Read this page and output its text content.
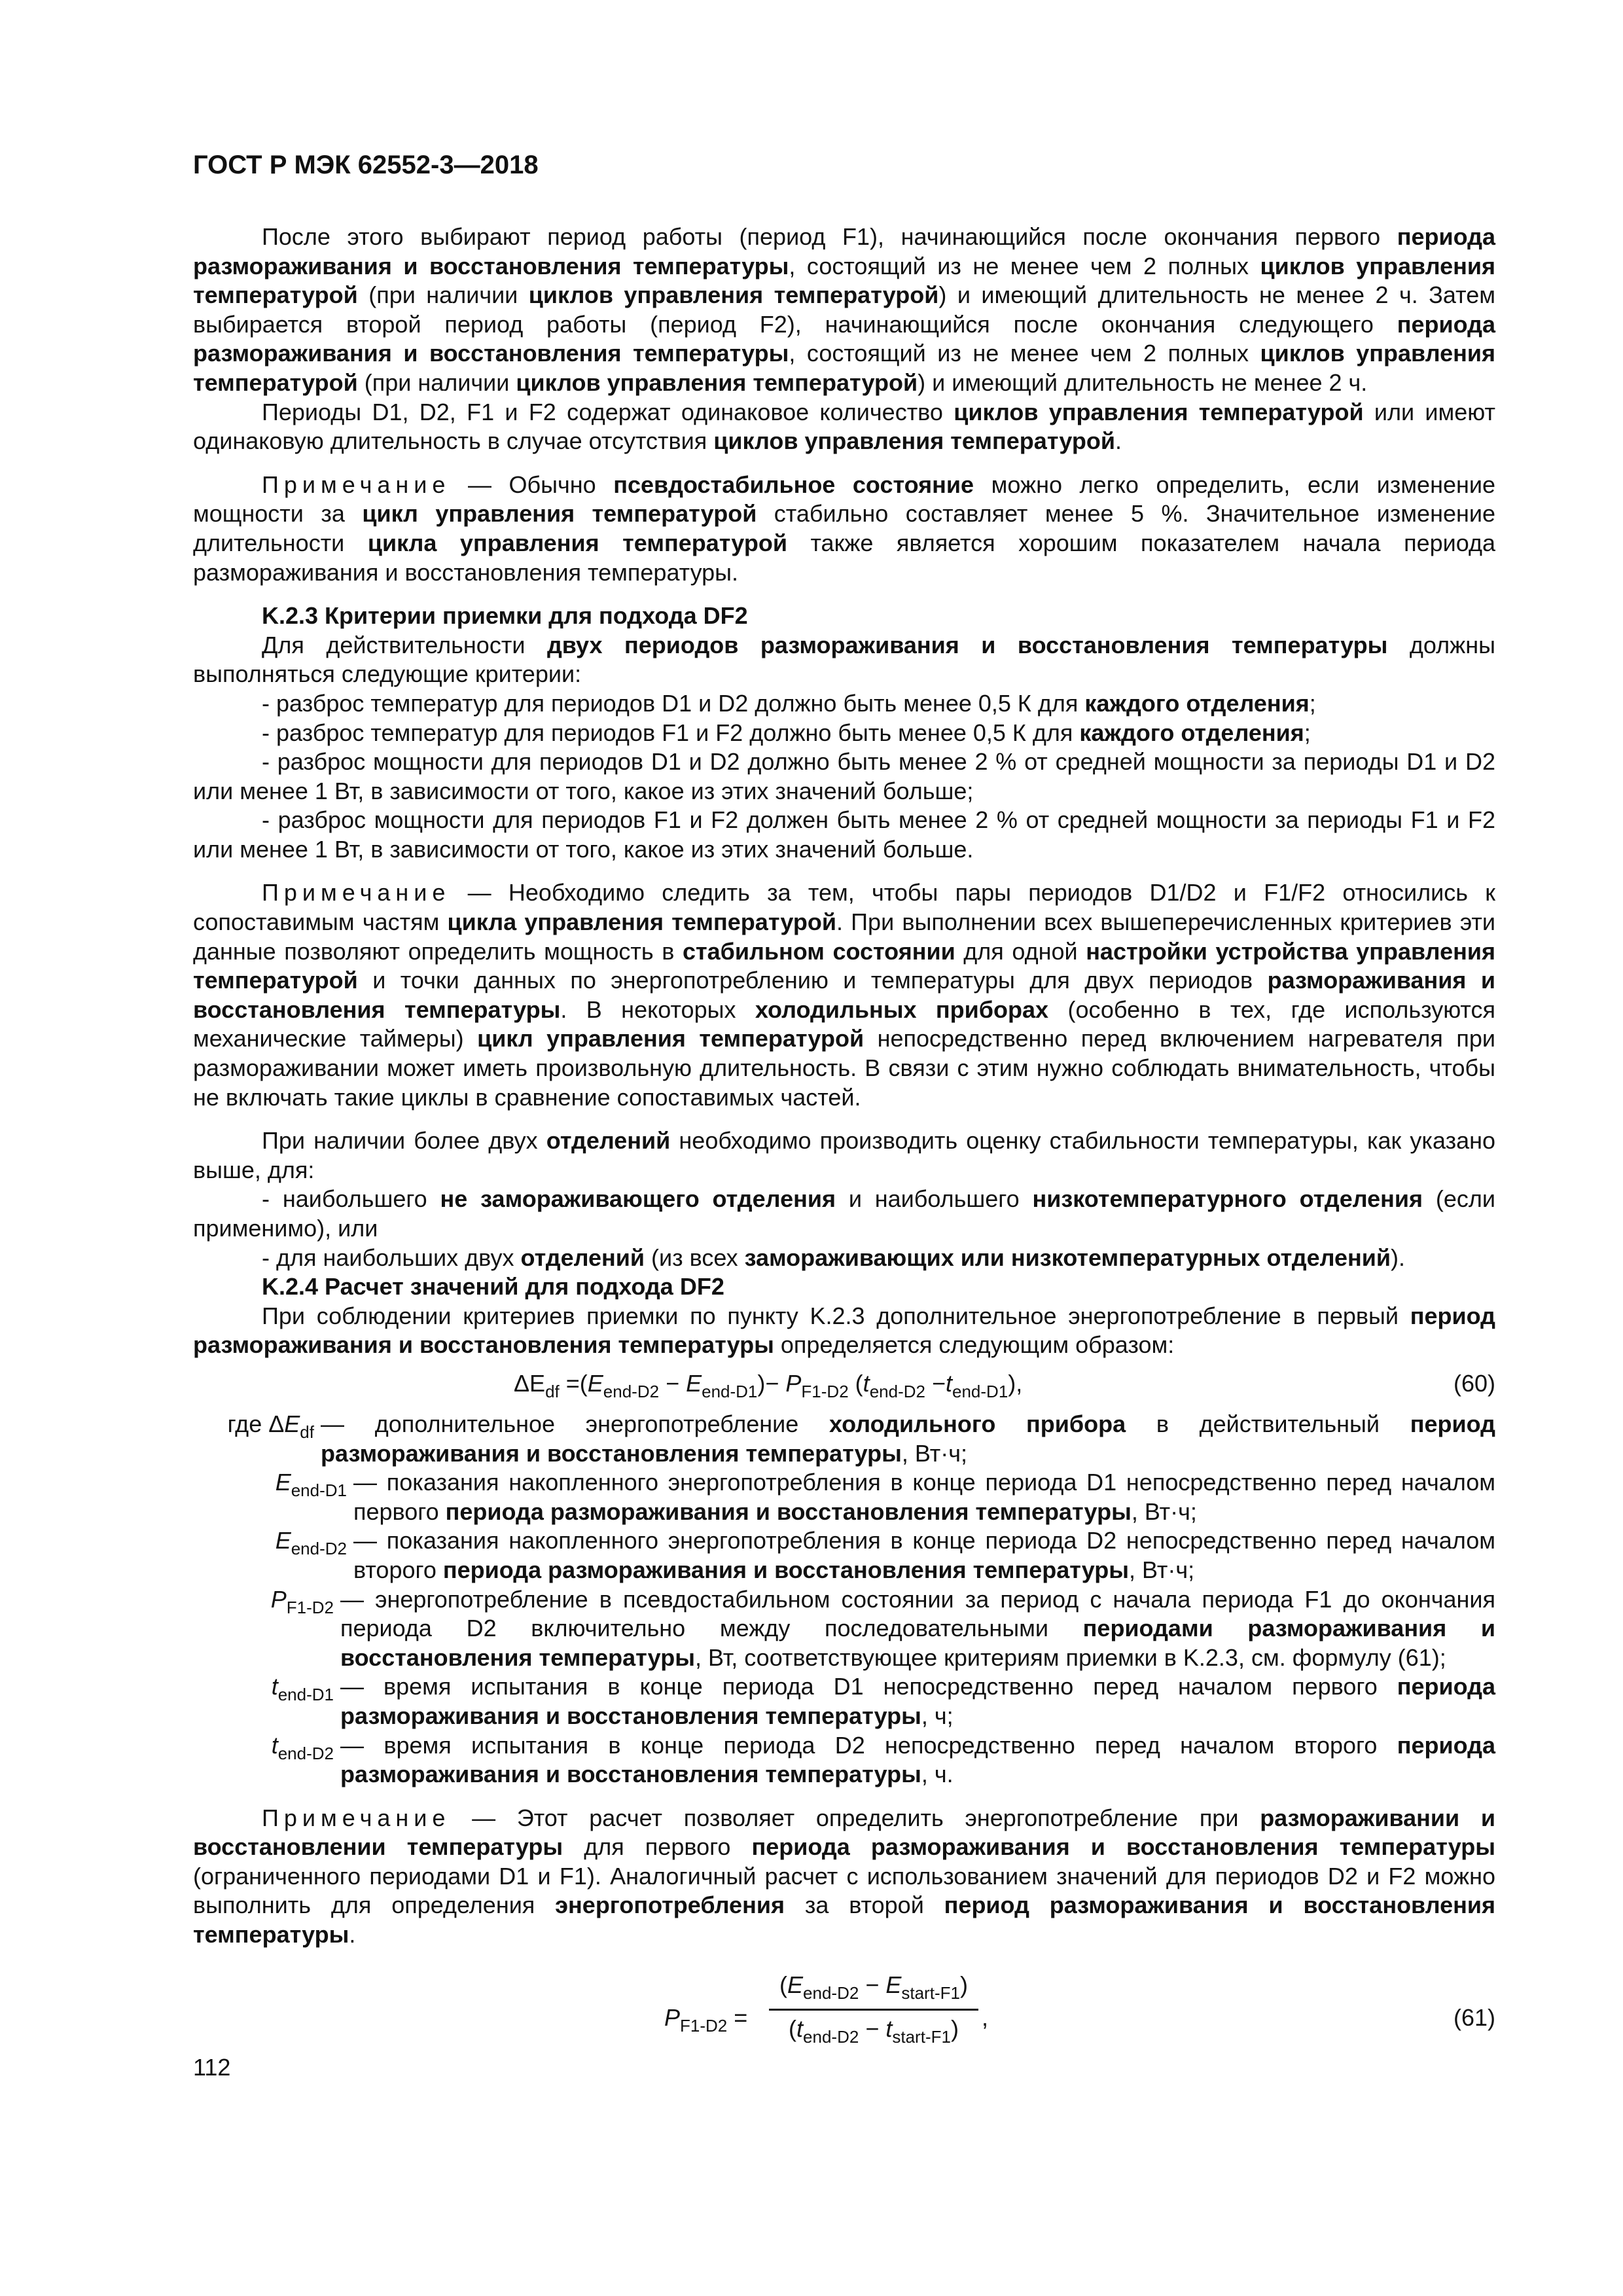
ГОСТ Р МЭК 62552-3—2018

После этого выбирают период работы (период F1), начинающийся после окончания первого периода размораживания и восстановления температуры, состоящий из не менее чем 2 полных циклов управления температурой (при наличии циклов управления температурой) и имеющий длительность не менее 2 ч. Затем выбирается второй период работы (период F2), начинающийся после окончания следующего периода размораживания и восстановления температуры, состоящий из не менее чем 2 полных циклов управления температурой (при наличии циклов управления температурой) и имеющий длительность не менее 2 ч.

Периоды D1, D2, F1 и F2 содержат одинаковое количество циклов управления температурой или имеют одинаковую длительность в случае отсутствия циклов управления температурой.

Примечание — Обычно псевдостабильное состояние можно легко определить, если изменение мощности за цикл управления температурой стабильно составляет менее 5 %. Значительное изменение длительности цикла управления температурой также является хорошим показателем начала периода размораживания и восстановления температуры.

K.2.3 Критерии приемки для подхода DF2

Для действительности двух периодов размораживания и восстановления температуры должны выполняться следующие критерии:

- разброс температур для периодов D1 и D2 должно быть менее 0,5 К для каждого отделения;

- разброс температур для периодов F1 и F2 должно быть менее 0,5 К для каждого отделения;

- разброс мощности для периодов D1 и D2 должно быть менее 2 % от средней мощности за периоды D1 и D2 или менее 1 Вт, в зависимости от того, какое из этих значений больше;

- разброс мощности для периодов F1 и F2 должен быть менее 2 % от средней мощности за периоды F1 и F2 или менее 1 Вт, в зависимости от того, какое из этих значений больше.

Примечание — Необходимо следить за тем, чтобы пары периодов D1/D2 и F1/F2 относились к сопоставимым частям цикла управления температурой. При выполнении всех вышеперечисленных критериев эти данные позволяют определить мощность в стабильном состоянии для одной настройки устройства управления температурой и точки данных по энергопотреблению и температуры для двух периодов размораживания и восстановления температуры. В некоторых холодильных приборах (особенно в тех, где используются механические таймеры) цикл управления температурой непосредственно перед включением нагревателя при размораживании может иметь произвольную длительность. В связи с этим нужно соблюдать внимательность, чтобы не включать такие циклы в сравнение сопоставимых частей.

При наличии более двух отделений необходимо производить оценку стабильности температуры, как указано выше, для:

- наибольшего не замораживающего отделения и наибольшего низкотемпературного отделения (если применимо), или

- для наибольших двух отделений (из всех замораживающих или низкотемпературных отделений).

K.2.4 Расчет значений для подхода DF2

При соблюдении критериев приемки по пункту K.2.3 дополнительное энергопотребление в первый период размораживания и восстановления температуры определяется следующим образом:

$\Delta E_{df} =(E_{end-D2} - E_{end-D1})- P_{F1-D2}$ $(t_{end-D2} -t_{end-D1})$,	(60)
где $\Delta E_{df}$ — дополнительное энергопотребление холодильного прибора в действительный период размораживания и восстановления температуры, Вт·ч;
$E_{end-D1}$ — показания накопленного энергопотребления в конце периода D1 непосредственно перед началом первого периода размораживания и восстановления температуры, Вт·ч;
$E_{end-D2}$ — показания накопленного энергопотребления в конце периода D2 непосредственно перед началом второго периода размораживания и восстановления температуры, Вт·ч;
$P_{F1-D2}$ — энергопотребление в псевдостабильном состоянии за период с начала периода F1 до окончания периода D2 включительно между последовательными периодами размораживания и восстановления температуры, Вт, соответствующее критериям приемки в K.2.3, см. формулу (61);
$t_{end-D1}$ — время испытания в конце периода D1 непосредственно перед началом первого периода размораживания и восстановления температуры, ч;
$t_{end-D2}$ — время испытания в конце периода D2 непосредственно перед началом второго периода размораживания и восстановления температуры, ч.

Примечание — Этот расчет позволяет определить энергопотребление при размораживании и восстановлении температуры для первого периода размораживания и восстановления температуры (ограниченного периодами D1 и F1). Аналогичный расчет с использованием значений для периодов D2 и F2 можно выполнить для определения энергопотребления за второй период размораживания и восстановления температуры.

$P_{F1-D2}$ =
$(E_{end-D2} - E_{start-F1})$
$(t_{end-D2} - t_{start-F1})$ ,	(61)
112
